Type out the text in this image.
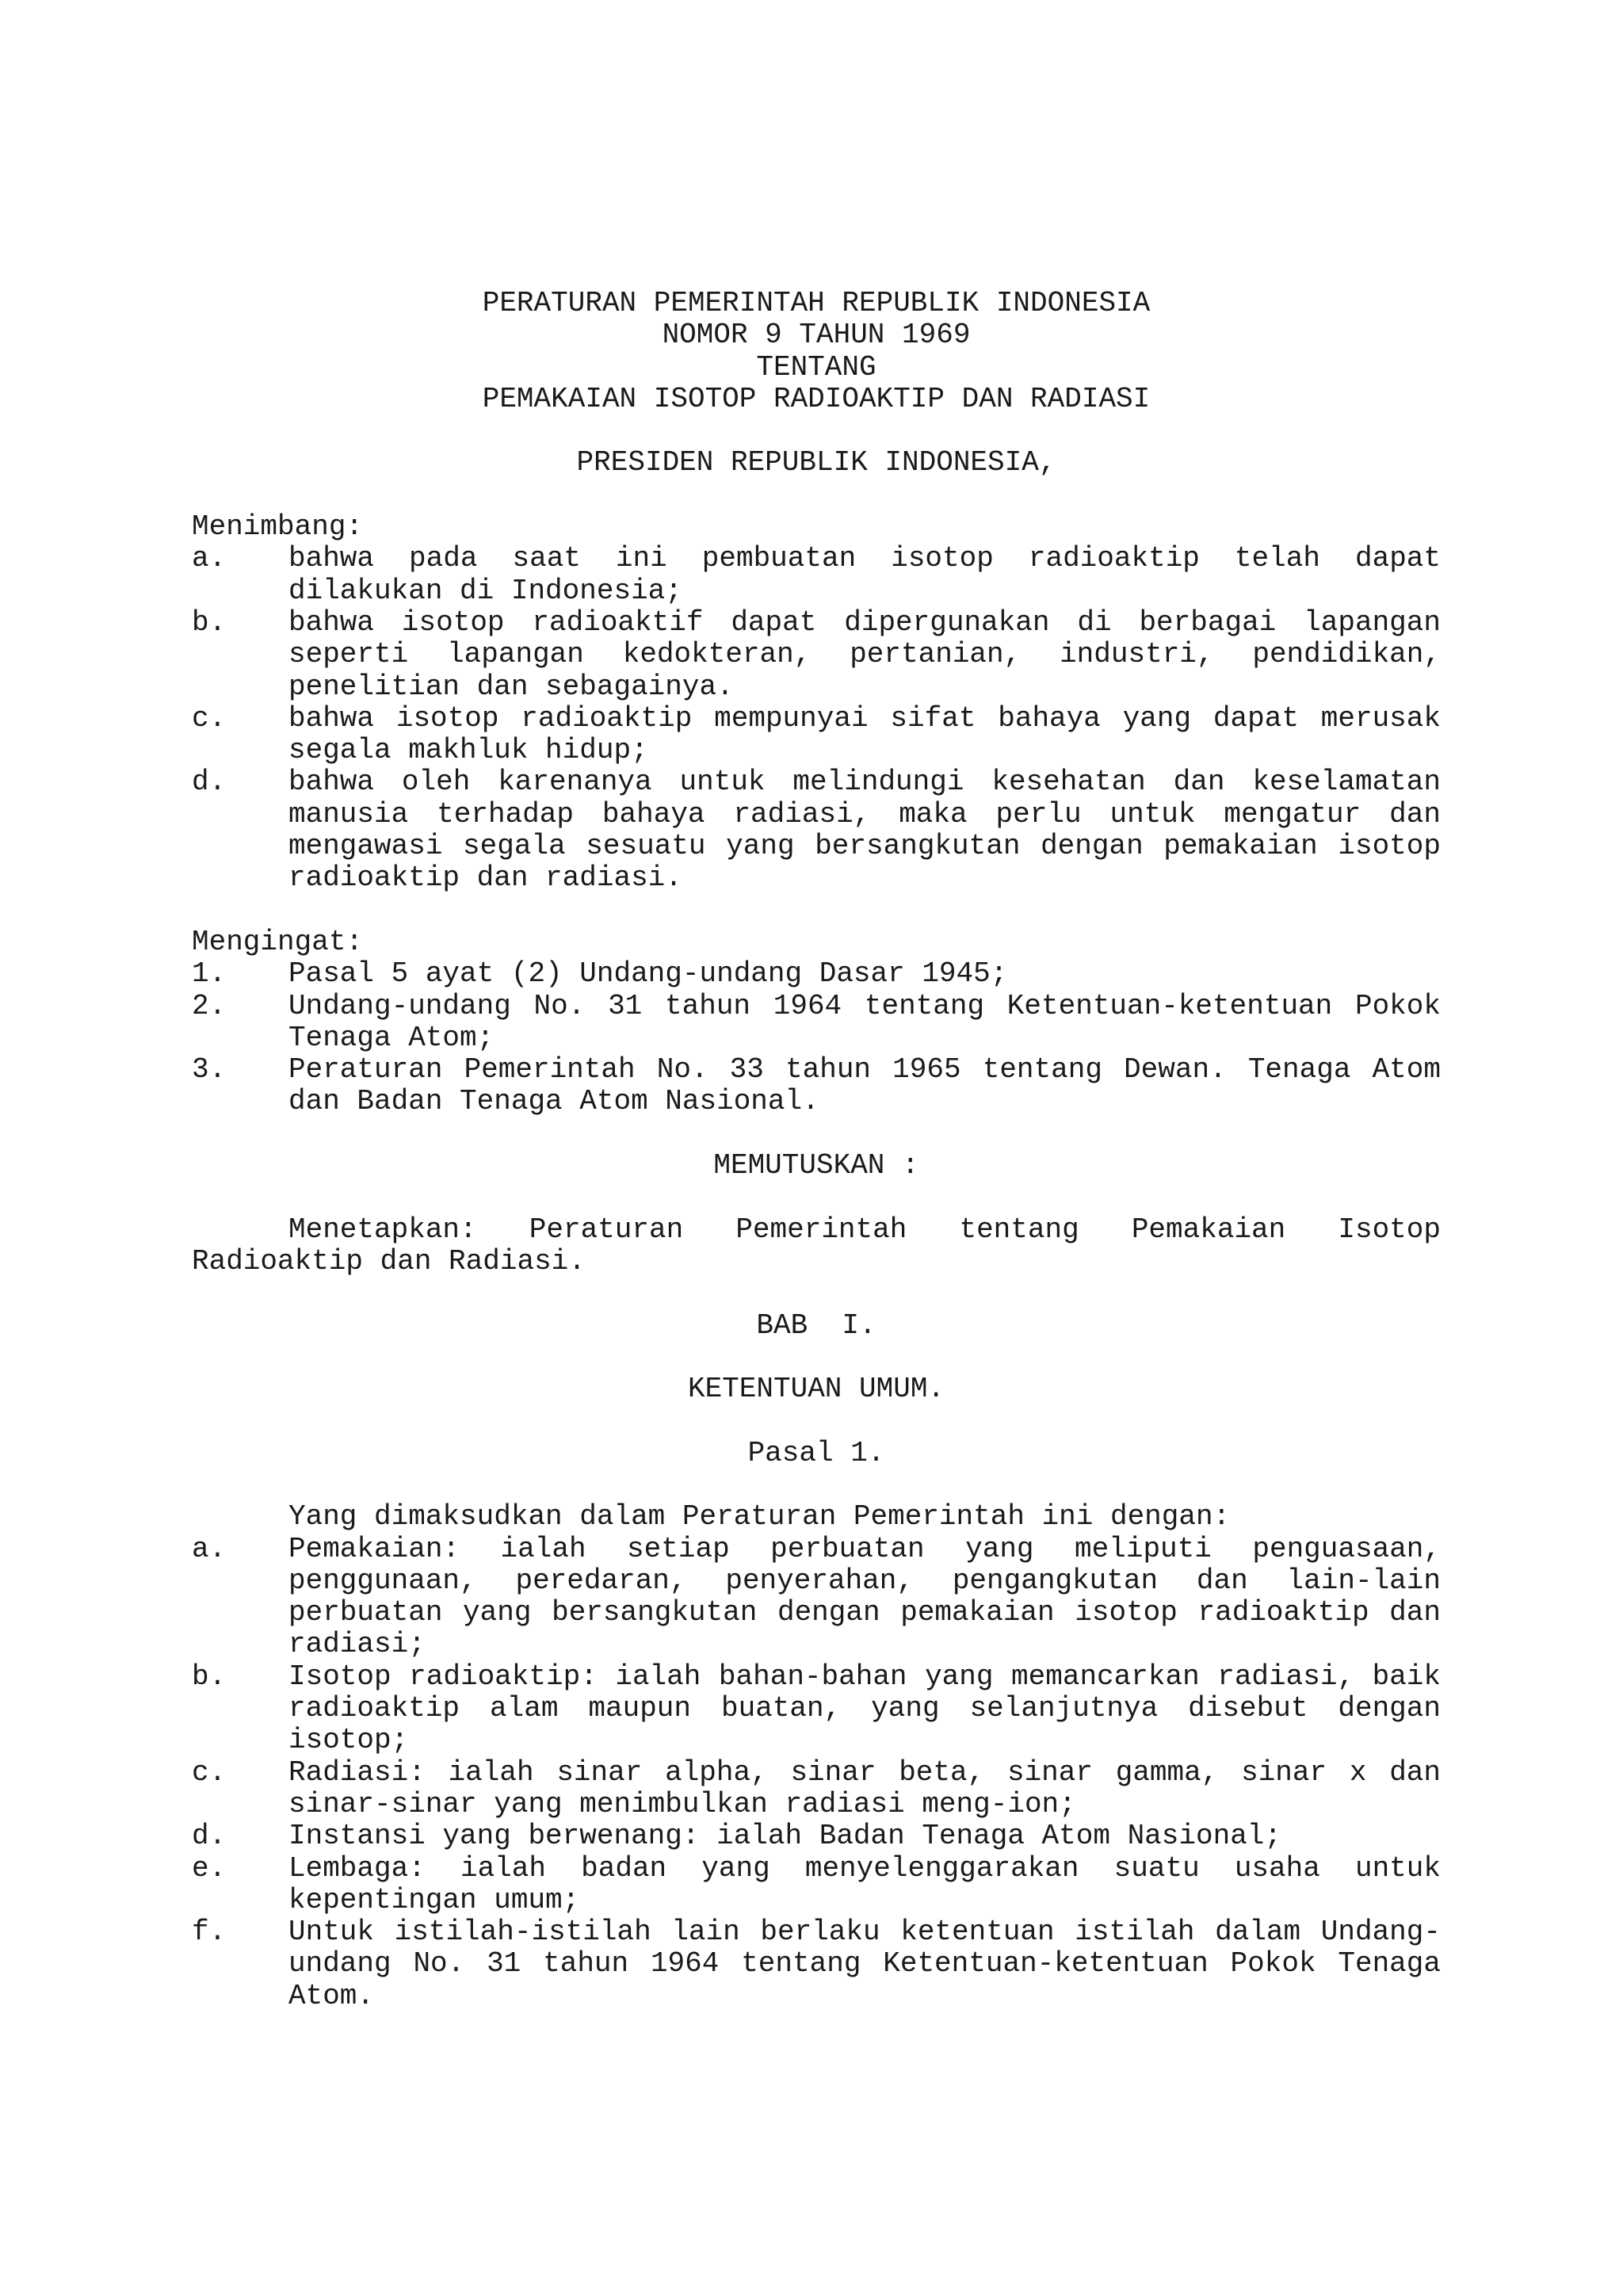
PERATURAN PEMERINTAH REPUBLIK INDONESIA

NOMOR 9 TAHUN 1969

TENTANG

PEMAKAIAN ISOTOP RADIOAKTIP DAN RADIASI

PRESIDEN REPUBLIK INDONESIA,

Menimbang:

a.	bahwa pada saat ini pembuatan isotop radioaktip telah dapat dilakukan di Indonesia;
b.	bahwa isotop radioaktif dapat dipergunakan di berbagai lapangan seperti lapangan kedokteran, pertanian, industri, pendidikan, penelitian dan sebagainya.
c.	bahwa isotop radioaktip mempunyai sifat bahaya yang dapat merusak segala makhluk hidup;
d.	bahwa oleh karenanya untuk melindungi kesehatan dan keselamatan manusia terhadap bahaya radiasi, maka perlu untuk mengatur dan mengawasi segala sesuatu yang bersangkutan dengan pemakaian isotop radioaktip dan radiasi.

Mengingat:

1.	Pasal 5 ayat (2) Undang-undang Dasar 1945;
2.	Undang-undang No. 31 tahun 1964 tentang Ketentuan-ketentuan Pokok Tenaga Atom;
3.	Peraturan Pemerintah No. 33 tahun 1965 tentang Dewan. Tenaga Atom dan Badan Tenaga Atom Nasional.

MEMUTUSKAN :

Menetapkan: Peraturan Pemerintah tentang Pemakaian Isotop Radioaktip dan Radiasi.

BAB  I.

KETENTUAN UMUM.

Pasal 1.

Yang dimaksudkan dalam Peraturan Pemerintah ini dengan:

a.	Pemakaian: ialah setiap perbuatan yang meliputi penguasaan, penggunaan, peredaran, penyerahan, pengangkutan dan lain-lain perbuatan yang bersangkutan dengan pemakaian isotop radioaktip dan radiasi;
b.	Isotop radioaktip: ialah bahan-bahan yang memancarkan radiasi, baik radioaktip alam maupun buatan, yang selanjutnya disebut dengan isotop;
c.	Radiasi: ialah sinar alpha, sinar beta, sinar gamma, sinar x dan sinar-sinar yang menimbulkan radiasi meng-ion;
d.	Instansi yang berwenang: ialah Badan Tenaga Atom Nasional;
e.	Lembaga: ialah badan yang menyelenggarakan suatu usaha untuk kepentingan umum;
f.	Untuk istilah-istilah lain berlaku ketentuan istilah dalam Undang-undang No. 31 tahun 1964 tentang Ketentuan-ketentuan Pokok Tenaga Atom.
